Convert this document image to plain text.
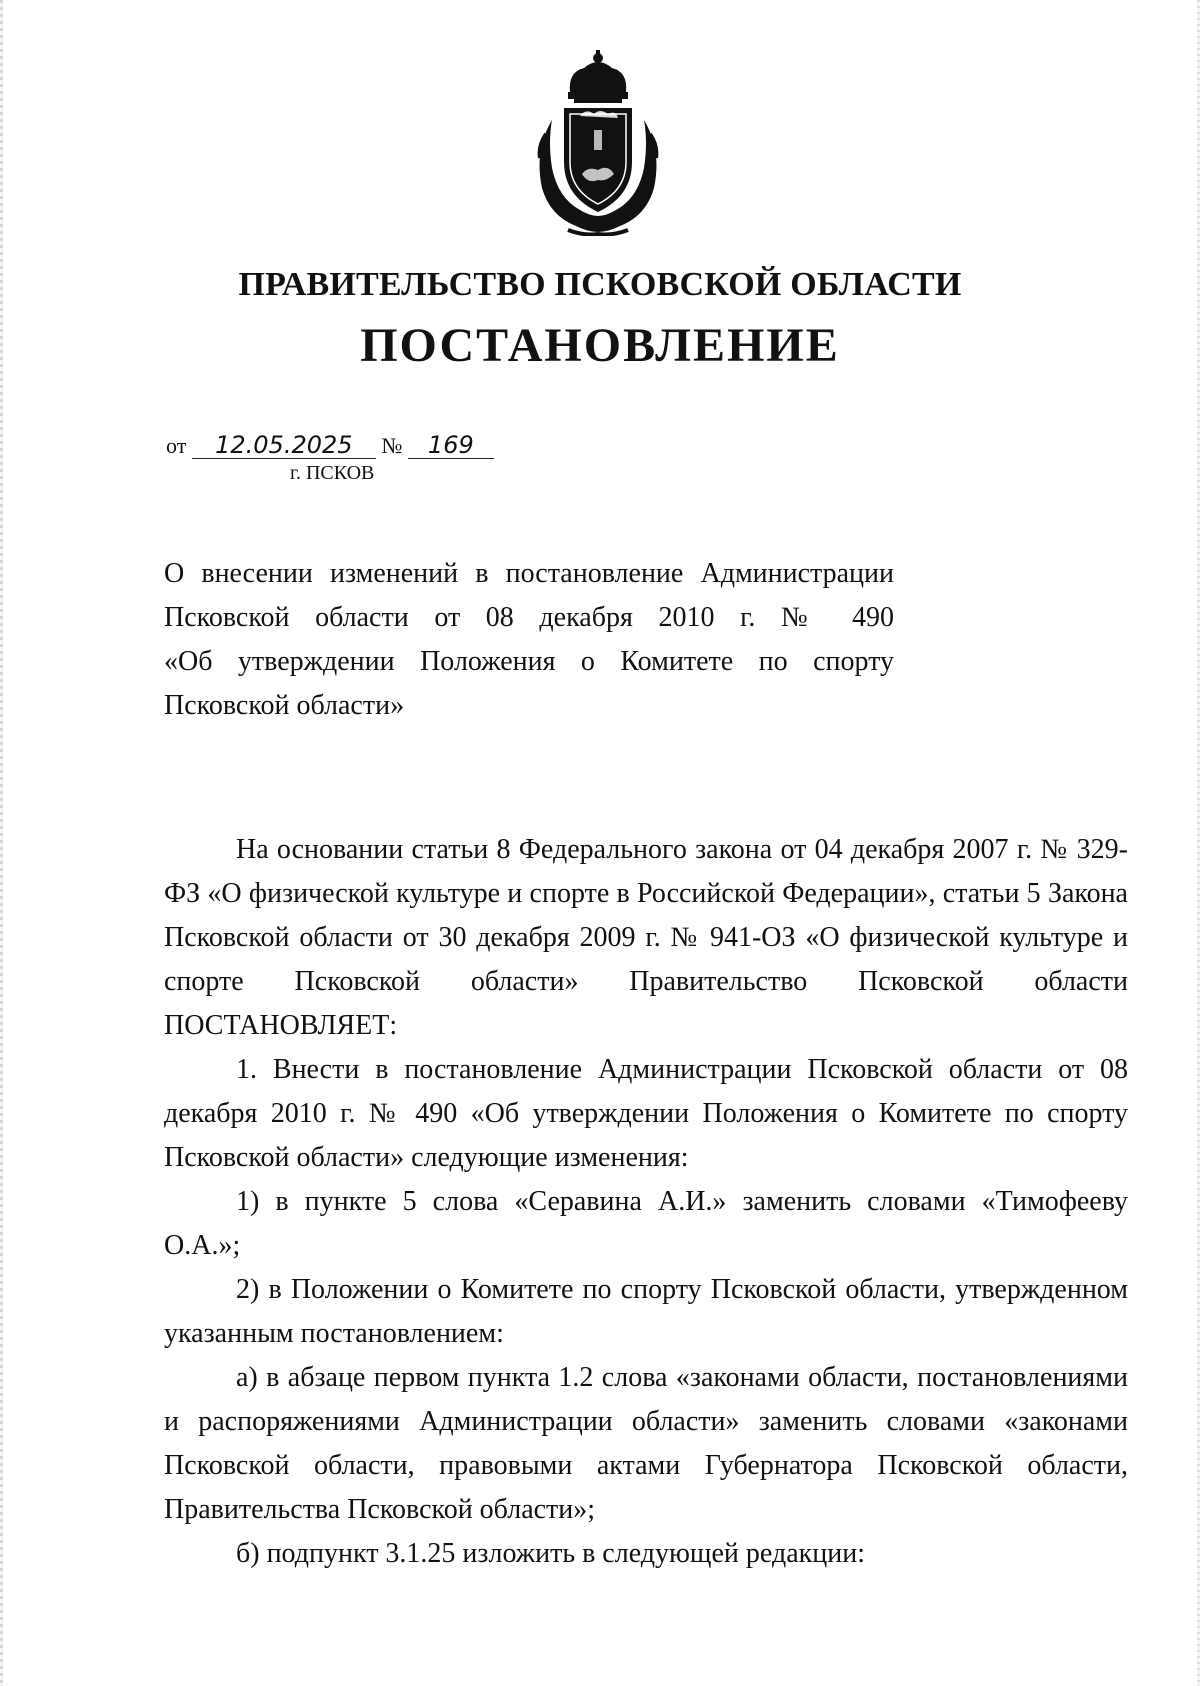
ПРАВИТЕЛЬСТВО ПСКОВСКОЙ ОБЛАСТИ
ПОСТАНОВЛЕНИЕ
от 12.05.2025 № 169
г. ПСКОВ
О внесении изменений в постановление Администрации
Псковской области от 08 декабря 2010 г. № 490
«Об утверждении Положения о Комитете по спорту
Псковской области»

На основании статьи 8 Федерального закона от 04 декабря 2007 г. № 329-ФЗ «О физической культуре и спорте в Российской Федерации», статьи 5 Закона Псковской области от 30 декабря 2009 г. № 941-ОЗ «О физической культуре и спорте Псковской области» Правительство Псковской области ПОСТАНОВЛЯЕТ:

1. Внести в постановление Администрации Псковской области от 08 декабря 2010 г. № 490 «Об утверждении Положения о Комитете по спорту Псковской области» следующие изменения:

1) в пункте 5 слова «Серавина А.И.» заменить словами «Тимофееву О.А.»;

2) в Положении о Комитете по спорту Псковской области, утвержденном указанным постановлением:

а) в абзаце первом пункта 1.2 слова «законами области, постановлениями и распоряжениями Администрации области» заменить словами «законами Псковской области, правовыми актами Губернатора Псковской области, Правительства Псковской области»;

б) подпункт 3.1.25 изложить в следующей редакции:
